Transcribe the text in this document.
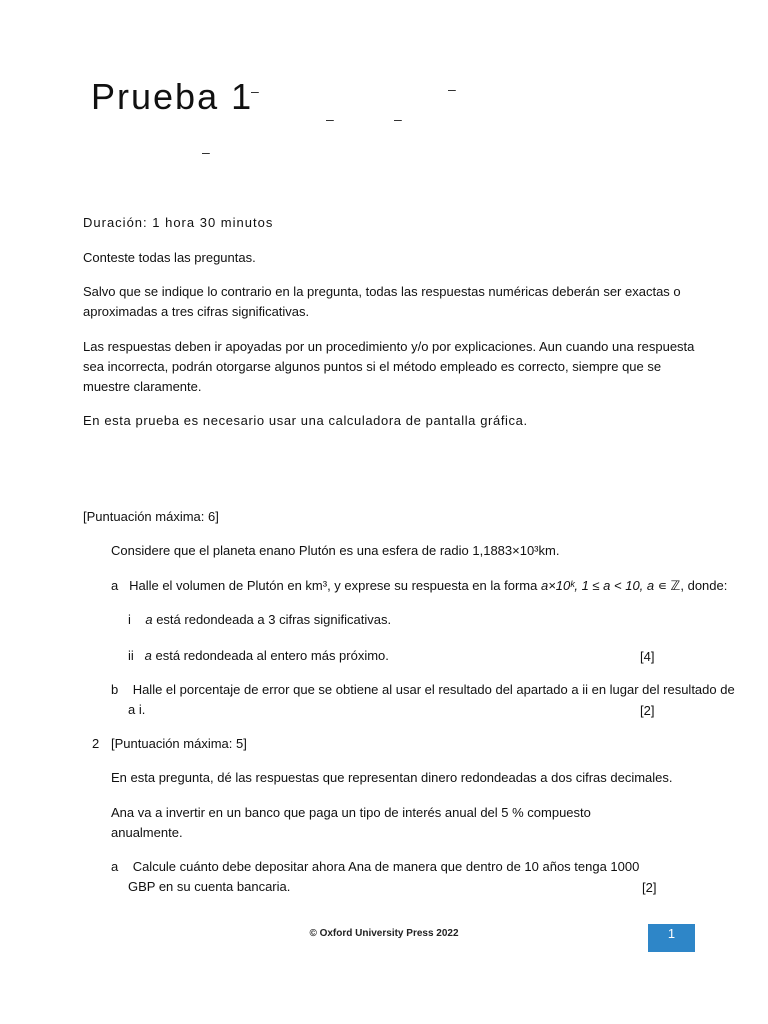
Prueba 1
–	–
–	–
–
Duración: 1 hora 30 minutos
Conteste todas las preguntas.
Salvo que se indique lo contrario en la pregunta, todas las respuestas numéricas deberán ser exactas o
aproximadas a tres cifras significativas.
Las respuestas deben ir apoyadas por un procedimiento y/o por explicaciones. Aun cuando una respuesta
sea incorrecta, podrán otorgarse algunos puntos si el método empleado es correcto, siempre que se
muestre claramente.
En esta prueba es necesario usar una calculadora de pantalla gráfica.
[Puntuación máxima: 6]
Considere que el planeta enano Plutón es una esfera de radio 1,1883×10³km.
a Halle el volumen de Plutón en km³, y exprese su respuesta en la forma a×10ᵏ, 1 ≤ a < 10, a ∊ ℤ, donde:
i a está redondeada a 3 cifras significativas.
ii a está redondeada al entero más próximo.	[4]
b Halle el porcentaje de error que se obtiene al usar el resultado del apartado a ii en lugar del resultado de
a i.	[2]
2 [Puntuación máxima: 5]
En esta pregunta, dé las respuestas que representan dinero redondeadas a dos cifras decimales.
Ana va a invertir en un banco que paga un tipo de interés anual del 5 % compuesto
anualmente.
a Calcule cuánto debe depositar ahora Ana de manera que dentro de 10 años tenga 1000
GBP en su cuenta bancaria.	[2]
© Oxford University Press 2022	1
